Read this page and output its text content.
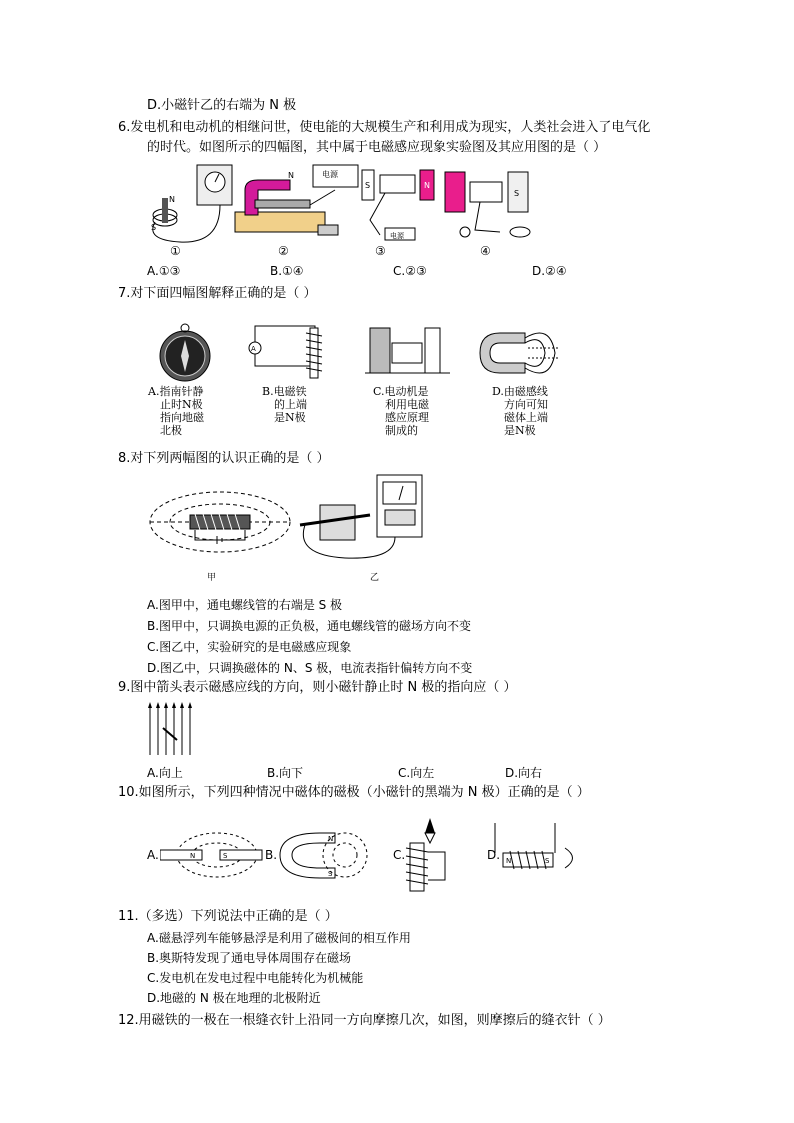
D.小磁针乙的右端为 N 极
6.发电机和电动机的相继问世，使电能的大规模生产和利用成为现实，人类社会进入了电气化
的时代。如图所示的四幅图，其中属于电磁感应现象实验图及其应用图的是（ ）
N
S
电源
N
S	N
电源
S
①	②	③	④
A.①③	B.①④	C.②③	D.②④
7.对下面四幅图解释正确的是（ ）
A
A.指南针静
止时N极
指向地磁
北极
B.电磁铁
的上端
是N极
C.电动机是
利用电磁
感应原理
制成的
D.由磁感线
方向可知
磁体上端
是N极
8.对下列两幅图的认识正确的是（ ）
甲	乙
A.图甲中，通电螺线管的右端是 S 极
B.图甲中，只调换电源的正负极，通电螺线管的磁场方向不变
C.图乙中，实验研究的是电磁感应现象
D.图乙中，只调换磁体的 N、S 极，电流表指针偏转方向不变
9.图中箭头表示磁感应线的方向，则小磁针静止时 N 极的指向应（ ）
A.向上	B.向下	C.向左	D.向右
10.如图所示，下列四种情况中磁体的磁极（小磁针的黑端为 N 极）正确的是（ ）
A.	B.	C.	D.
N	S
N
S
N	S
11.（多选）下列说法中正确的是（ ）
A.磁悬浮列车能够悬浮是利用了磁极间的相互作用
B.奥斯特发现了通电导体周围存在磁场
C.发电机在发电过程中电能转化为机械能
D.地磁的 N 极在地理的北极附近
12.用磁铁的一极在一根缝衣针上沿同一方向摩擦几次，如图，则摩擦后的缝衣针（ ）
